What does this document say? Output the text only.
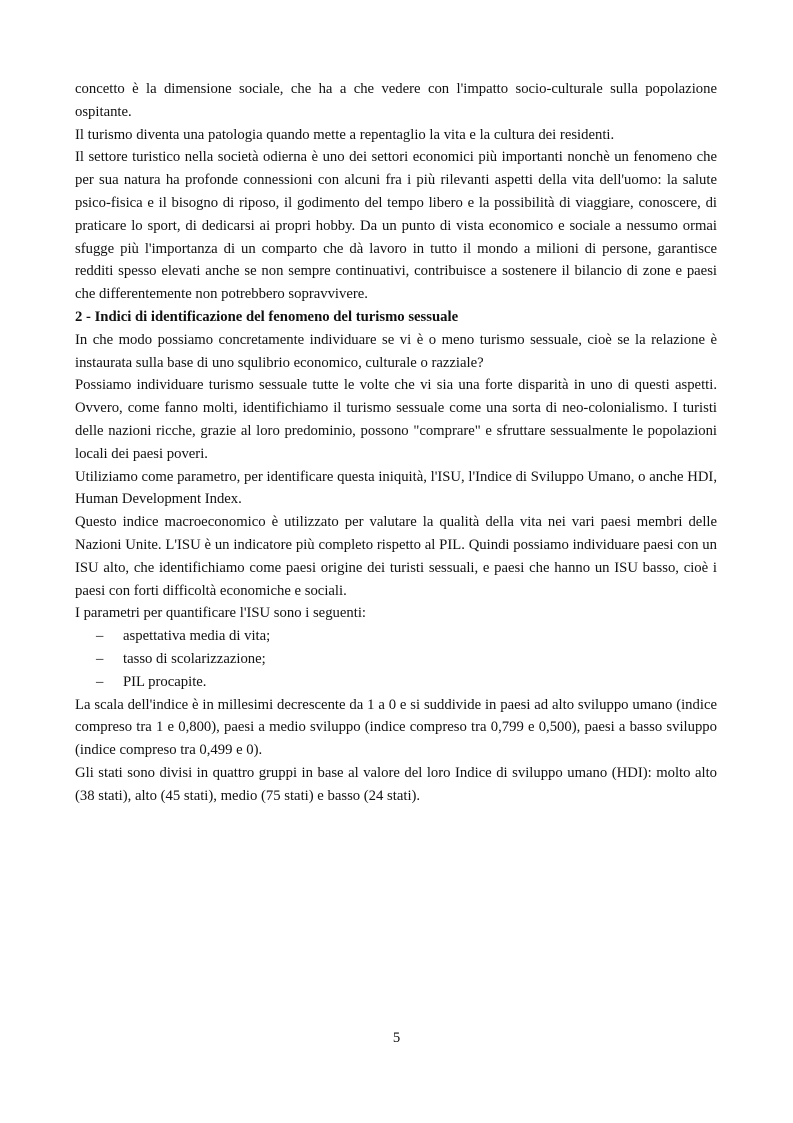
concetto è la dimensione sociale, che ha a che vedere con l'impatto socio-culturale sulla popolazione ospitante.

Il turismo diventa una patologia quando mette a repentaglio la vita e la cultura dei residenti.

Il settore turistico nella società odierna è uno dei settori economici più importanti nonchè un fenomeno che per sua natura ha profonde connessioni con alcuni fra i più rilevanti aspetti della vita dell'uomo: la salute psico-fisica e il bisogno di riposo, il godimento del tempo libero e la possibilità di viaggiare, conoscere, di praticare lo sport, di dedicarsi ai propri hobby. Da un punto di vista economico e sociale a nessumo ormai sfugge più l'importanza di un comparto che dà lavoro in tutto il mondo a milioni di persone, garantisce redditi spesso elevati anche se non sempre continuativi, contribuisce a sostenere il bilancio di zone e paesi che differentemente non potrebbero sopravvivere.

2 - Indici di identificazione del fenomeno del turismo sessuale

In che modo possiamo concretamente individuare se vi è o meno turismo sessuale, cioè se la relazione è instaurata sulla base di uno squlibrio economico, culturale o razziale?

Possiamo individuare turismo sessuale tutte le volte che vi sia una forte disparità in uno di questi aspetti. Ovvero, come fanno molti, identifichiamo il turismo sessuale come una sorta di neo-colonialismo. I turisti delle nazioni ricche, grazie al loro predominio, possono "comprare" e sfruttare sessualmente le popolazioni locali dei paesi poveri.

Utiliziamo come parametro, per identificare questa iniquità, l'ISU, l'Indice di Sviluppo Umano, o anche HDI, Human Development Index.

Questo indice macroeconomico è utilizzato per valutare la qualità della vita nei vari paesi membri delle Nazioni Unite. L'ISU è un indicatore più completo rispetto al PIL. Quindi possiamo individuare paesi con un ISU alto, che identifichiamo come paesi origine dei turisti sessuali, e paesi che hanno un ISU basso, cioè i paesi con forti difficoltà economiche e sociali.

I parametri per quantificare l'ISU sono i seguenti:

– aspettativa media di vita;
– tasso di scolarizzazione;
– PIL procapite.

La scala dell'indice è in millesimi decrescente da 1 a 0 e si suddivide in paesi ad alto sviluppo umano (indice compreso tra 1 e 0,800), paesi a medio sviluppo (indice compreso tra 0,799 e 0,500), paesi a basso sviluppo (indice compreso tra 0,499 e 0).

Gli stati sono divisi in quattro gruppi in base al valore del loro Indice di sviluppo umano (HDI): molto alto (38 stati), alto (45 stati), medio (75 stati) e basso (24 stati).

5
